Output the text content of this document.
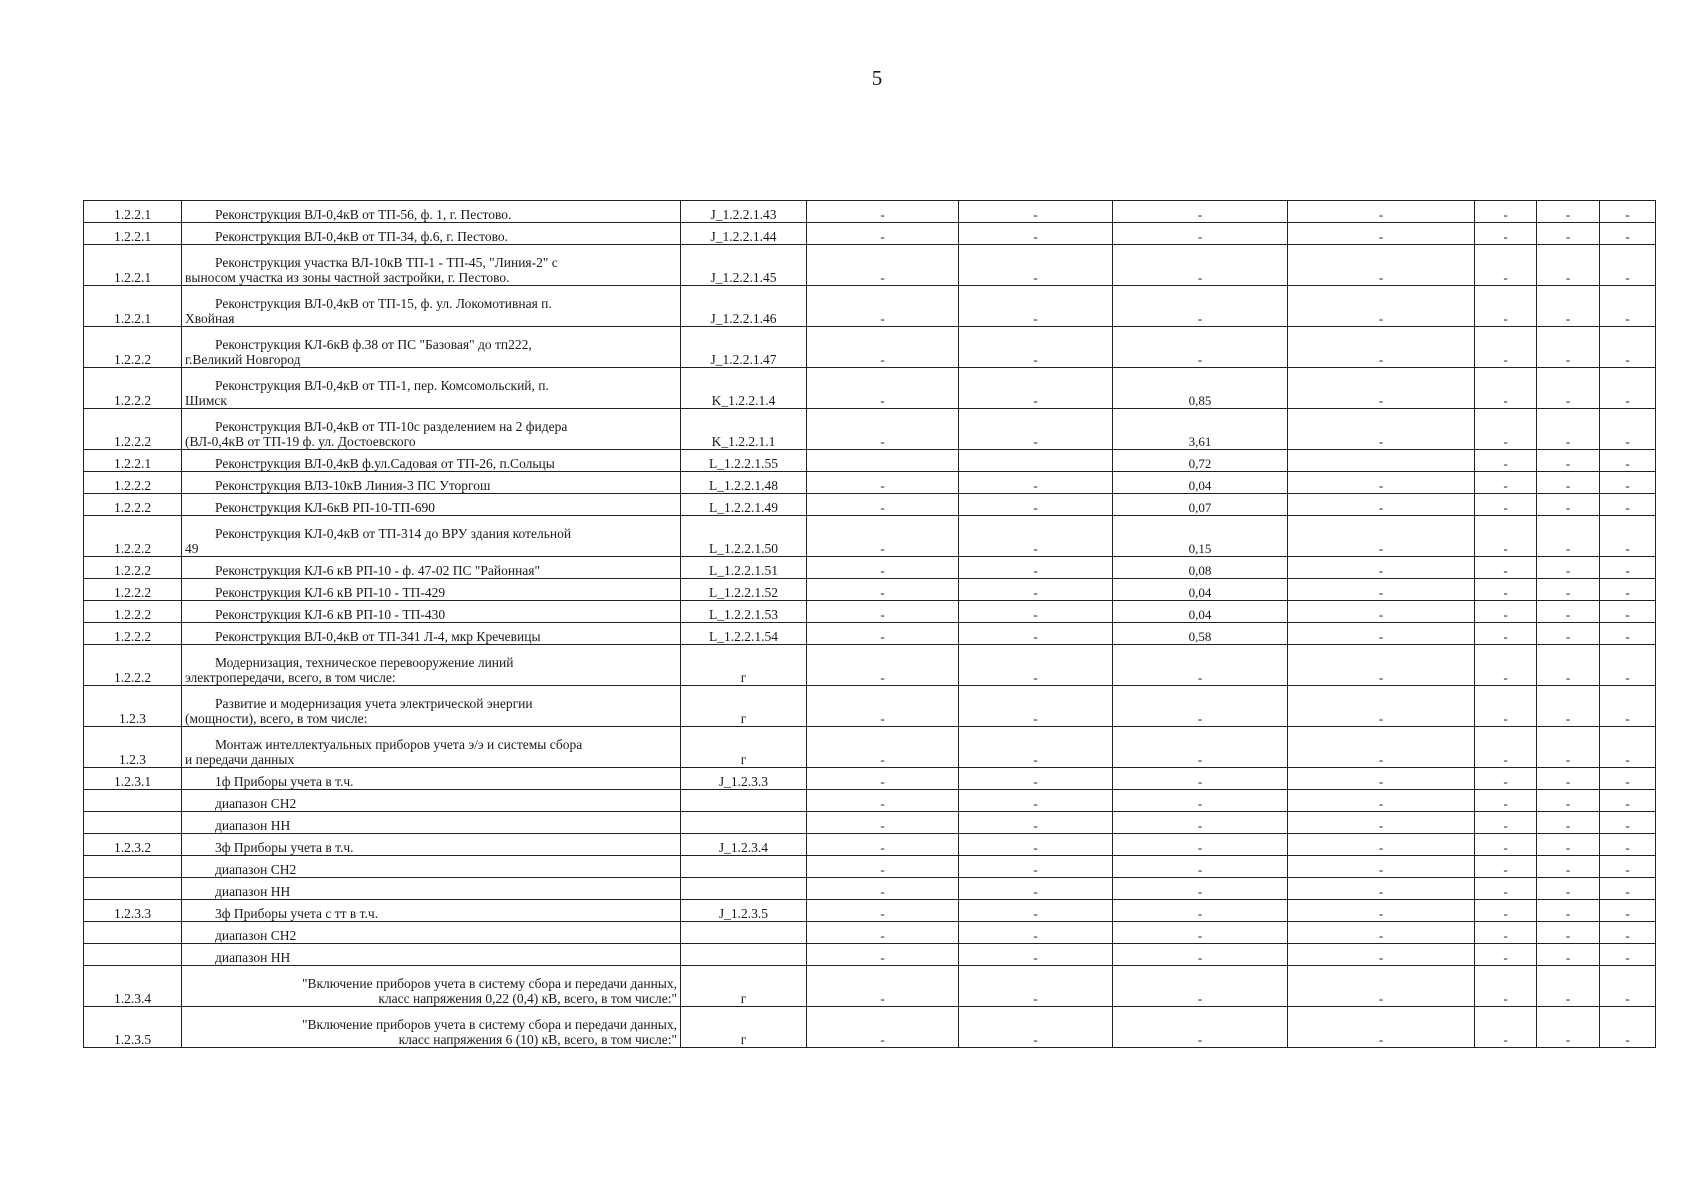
5
1.2.2.1	Реконструкция ВЛ-0,4кВ от ТП-56, ф. 1, г. Пестово.	J_1.2.2.1.43	-	-	-	-	-	-	-
1.2.2.1	Реконструкция ВЛ-0,4кВ от ТП-34, ф.6, г. Пестово.	J_1.2.2.1.44	-	-	-	-	-	-	-
1.2.2.1	Реконструкция участка ВЛ-10кВ ТП-1 - ТП-45, "Линия-2" с
выносом участка из зоны частной застройки, г. Пестово.	J_1.2.2.1.45	-	-	-	-	-	-	-
1.2.2.1	Реконструкция ВЛ-0,4кВ от ТП-15, ф. ул. Локомотивная п.
Хвойная	J_1.2.2.1.46	-	-	-	-	-	-	-
1.2.2.2	Реконструкция КЛ-6кВ ф.38 от ПС "Базовая" до тп222,
г.Великий Новгород	J_1.2.2.1.47	-	-	-	-	-	-	-
1.2.2.2	Реконструкция ВЛ-0,4кВ от ТП-1, пер. Комсомольский, п.
Шимск	K_1.2.2.1.4	-	-	0,85	-	-	-	-
1.2.2.2	Реконструкция ВЛ-0,4кВ от ТП-10с разделением на 2 фидера
(ВЛ-0,4кВ от ТП-19 ф. ул. Достоевского	K_1.2.2.1.1	-	-	3,61	-	-	-	-
1.2.2.1	Реконструкция ВЛ-0,4кВ ф.ул.Садовая от ТП-26, п.Сольцы	L_1.2.2.1.55			0,72		-	-	-
1.2.2.2	Реконструкция ВЛЗ-10кВ Линия-3 ПС Уторгош	L_1.2.2.1.48	-	-	0,04	-	-	-	-
1.2.2.2	Реконструкция КЛ-6кВ РП-10-ТП-690	L_1.2.2.1.49	-	-	0,07	-	-	-	-
1.2.2.2	Реконструкция КЛ-0,4кВ от ТП-314 до ВРУ здания котельной
49	L_1.2.2.1.50	-	-	0,15	-	-	-	-
1.2.2.2	Реконструкция КЛ-6 кВ РП-10 - ф. 47-02 ПС "Районная"	L_1.2.2.1.51	-	-	0,08	-	-	-	-
1.2.2.2	Реконструкция КЛ-6 кВ РП-10 - ТП-429	L_1.2.2.1.52	-	-	0,04	-	-	-	-
1.2.2.2	Реконструкция КЛ-6 кВ РП-10 - ТП-430	L_1.2.2.1.53	-	-	0,04	-	-	-	-
1.2.2.2	Реконструкция ВЛ-0,4кВ от ТП-341 Л-4, мкр Кречевицы	L_1.2.2.1.54	-	-	0,58	-	-	-	-
1.2.2.2	Модернизация, техническое перевооружение линий
электропередачи, всего, в том числе:	г	-	-	-	-	-	-	-
1.2.3	Развитие и модернизация учета электрической энергии
(мощности), всего, в том числе:	г	-	-	-	-	-	-	-
1.2.3	Монтаж интеллектуальных приборов учета э/э и системы сбора
и передачи данных	г	-	-	-	-	-	-	-
1.2.3.1	1ф Приборы учета в т.ч.	J_1.2.3.3	-	-	-	-	-	-	-

	диапазон СН2		-	-	-	-	-	-	-

	диапазон НН		-	-	-	-	-	-	-
1.2.3.2	3ф Приборы учета в т.ч.	J_1.2.3.4	-	-	-	-	-	-	-

	диапазон СН2		-	-	-	-	-	-	-

	диапазон НН		-	-	-	-	-	-	-
1.2.3.3	3ф Приборы учета с тт в т.ч.	J_1.2.3.5	-	-	-	-	-	-	-

	диапазон СН2		-	-	-	-	-	-	-

	диапазон НН		-	-	-	-	-	-	-
1.2.3.4	"Включение приборов учета в систему сбора и передачи данных,
класс напряжения 0,22 (0,4) кВ, всего, в том числе:"	г	-	-	-	-	-	-	-
1.2.3.5	"Включение приборов учета в систему сбора и передачи данных,
класс напряжения 6 (10) кВ, всего, в том числе:"	г	-	-	-	-	-	-	-
